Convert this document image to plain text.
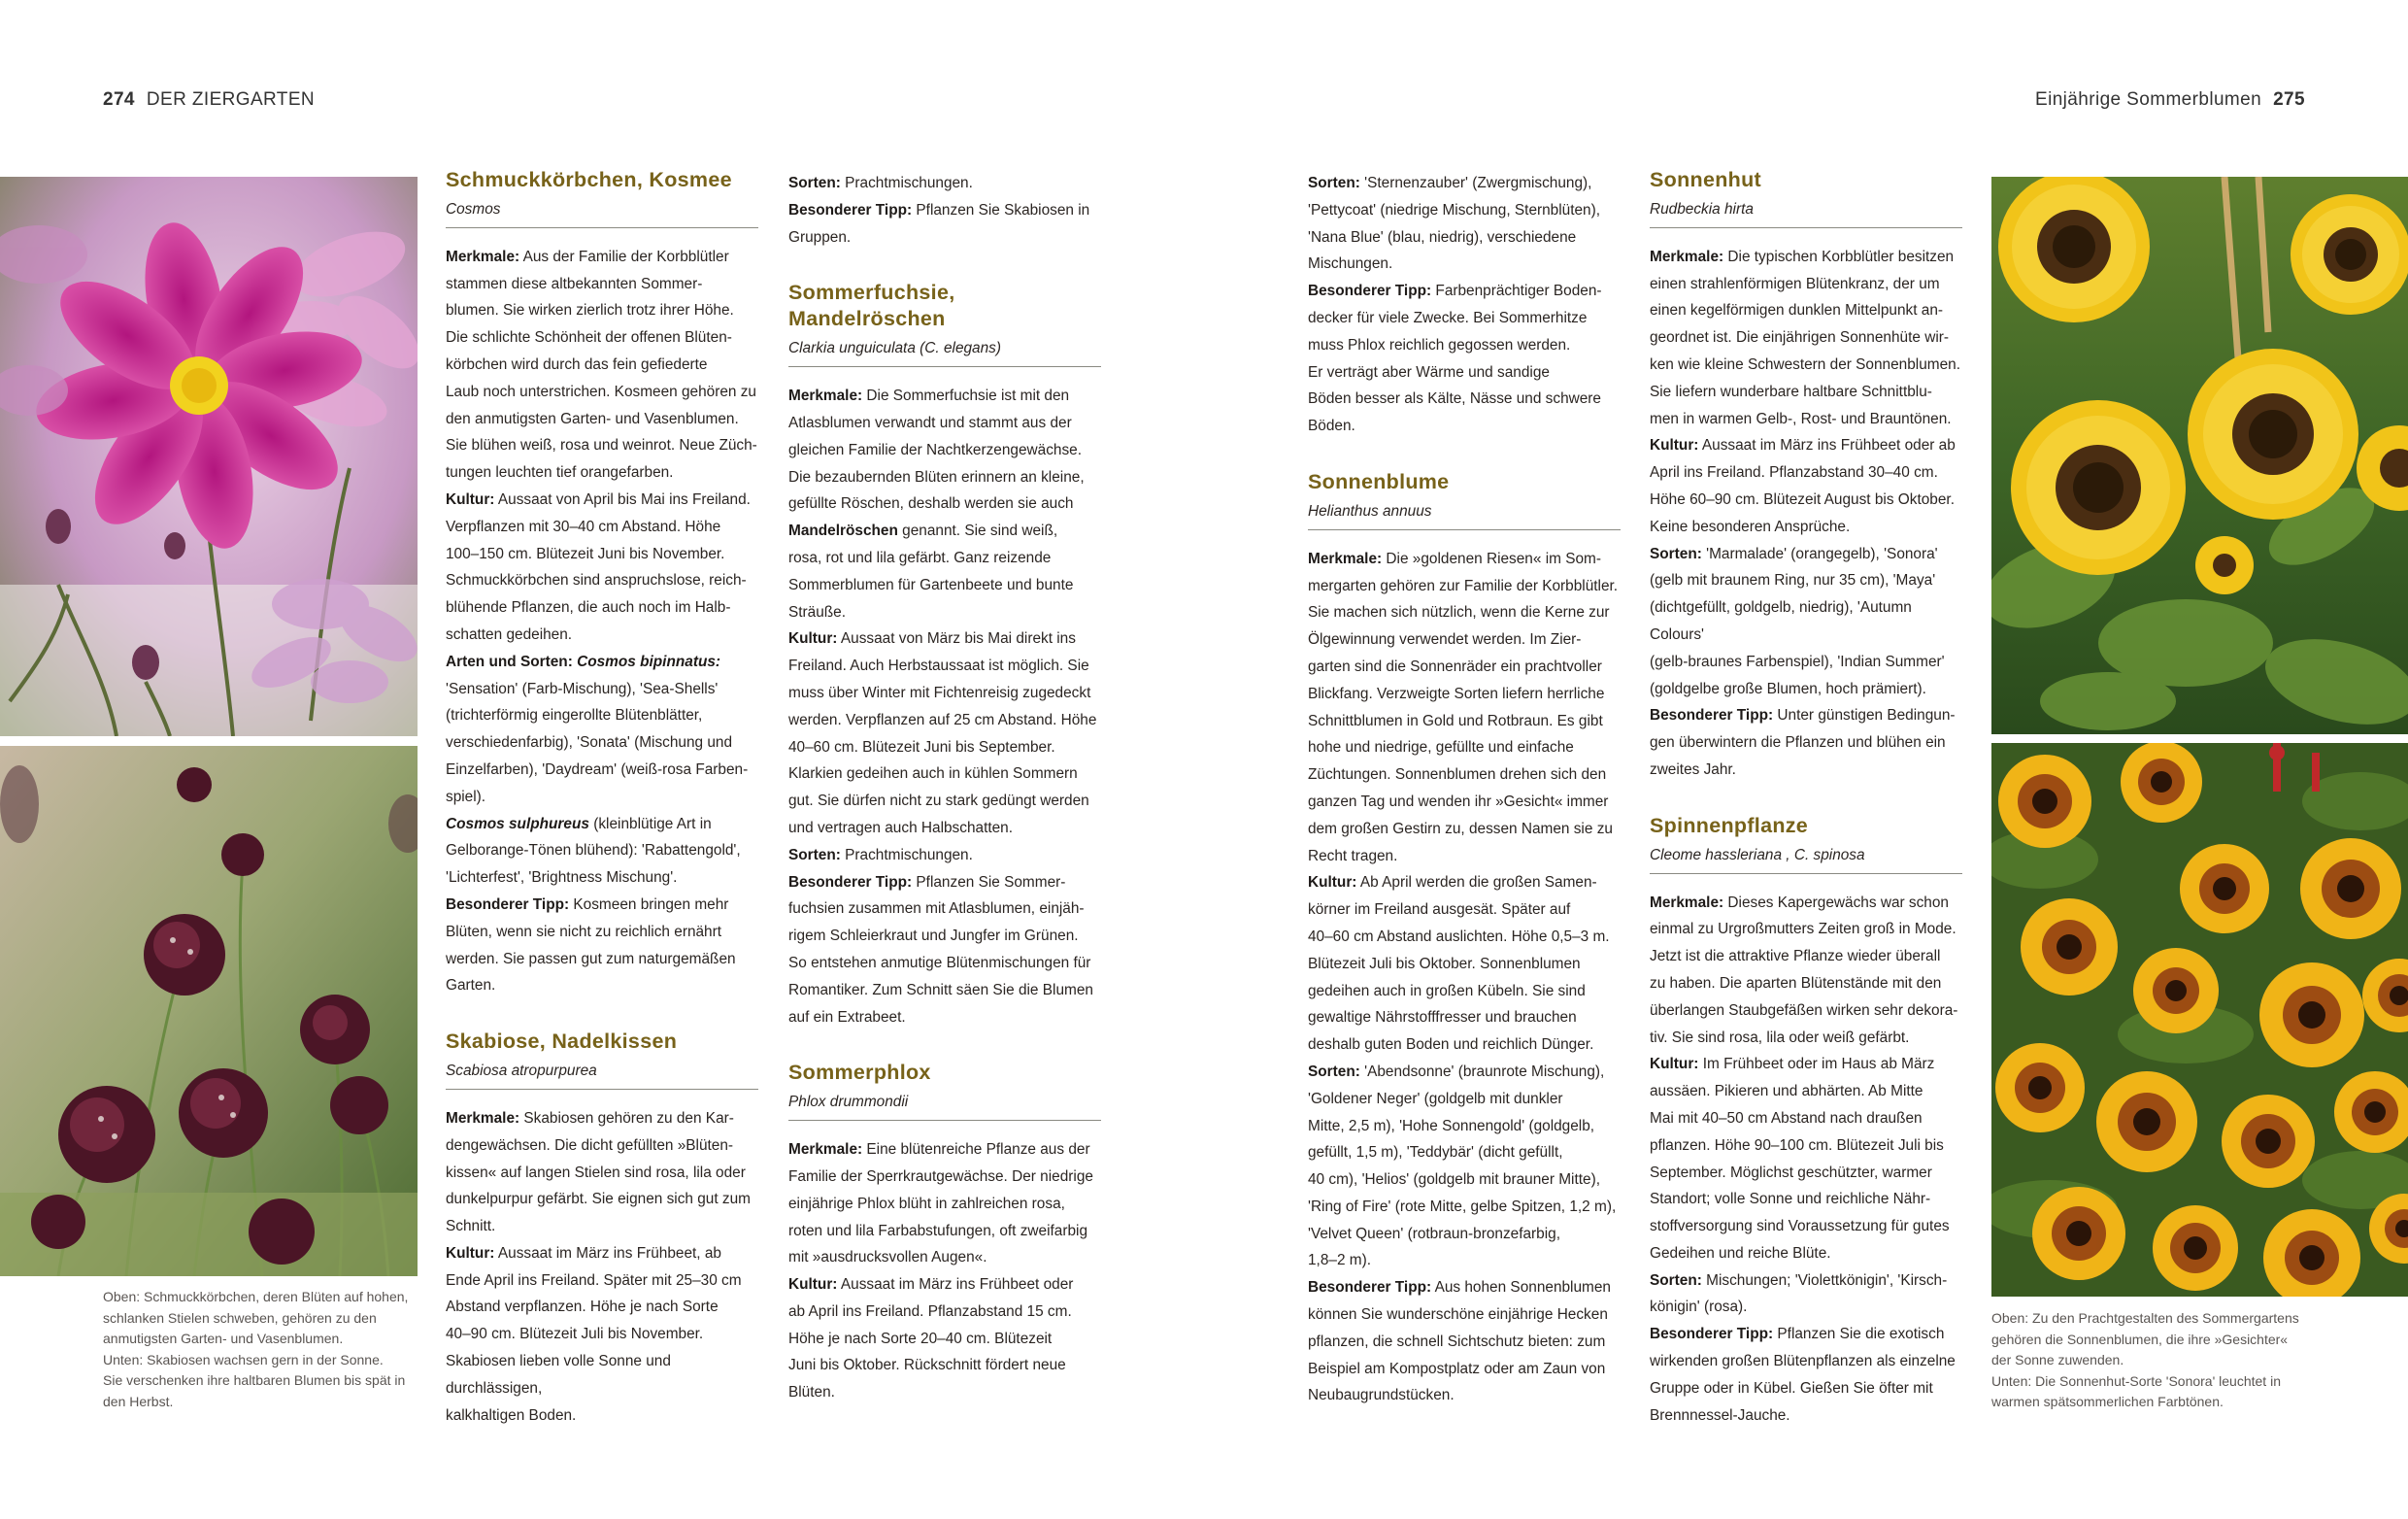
274 DER ZIERGARTEN	Einjährige Sommerblumen 275

Oben: Schmuckkörbchen, deren Blüten auf hohen,

schlanken Stielen schweben, gehören zu den

anmutigsten Garten- und Vasenblumen.

Unten: Skabiosen wachsen gern in der Sonne.

Sie verschenken ihre haltbaren Blumen bis spät in

den Herbst.

Schmuckkörbchen, Kosmee

Cosmos

Merkmale: Aus der Familie der Korbblütler

stammen diese altbekannten Sommer-

blumen. Sie wirken zierlich trotz ihrer Höhe.

Die schlichte Schönheit der offenen Blüten-

körbchen wird durch das fein gefiederte

Laub noch unterstrichen. Kosmeen gehören zu

den anmutigsten Garten- und Vasenblumen.

Sie blühen weiß, rosa und weinrot. Neue Züch-

tungen leuchten tief orangefarben.

Kultur: Aussaat von April bis Mai ins Freiland.

Verpflanzen mit 30–40 cm Abstand. Höhe

100–150 cm. Blütezeit Juni bis November.

Schmuckkörbchen sind anspruchslose, reich-

blühende Pflanzen, die auch noch im Halb-

schatten gedeihen.

Arten und Sorten: Cosmos bipinnatus:

'Sensation' (Farb-Mischung), 'Sea-Shells'

(trichterförmig eingerollte Blütenblätter,

verschiedenfarbig), 'Sonata' (Mischung und

Einzelfarben), 'Daydream' (weiß-rosa Farben-

spiel).

Cosmos sulphureus (kleinblütige Art in

Gelborange-Tönen blühend): 'Rabattengold',

'Lichterfest', 'Brightness Mischung'.

Besonderer Tipp: Kosmeen bringen mehr

Blüten, wenn sie nicht zu reichlich ernährt

werden. Sie passen gut zum naturgemäßen

Garten.

Skabiose, Nadelkissen

Scabiosa atropurpurea

Merkmale: Skabiosen gehören zu den Kar-

dengewächsen. Die dicht gefüllten »Blüten-

kissen« auf langen Stielen sind rosa, lila oder

dunkelpurpur gefärbt. Sie eignen sich gut zum

Schnitt.

Kultur: Aussaat im März ins Frühbeet, ab

Ende April ins Freiland. Später mit 25–30 cm

Abstand verpflanzen. Höhe je nach Sorte

40–90 cm. Blütezeit Juli bis November.

Skabiosen lieben volle Sonne und durchlässigen,

kalkhaltigen Boden.

Sorten: Prachtmischungen.

Besonderer Tipp: Pflanzen Sie Skabiosen in

Gruppen.

Sommerfuchsie,
Mandelröschen

Clarkia unguiculata (C. elegans)

Merkmale: Die Sommerfuchsie ist mit den

Atlasblumen verwandt und stammt aus der

gleichen Familie der Nachtkerzengewächse.

Die bezaubernden Blüten erinnern an kleine,

gefüllte Röschen, deshalb werden sie auch

Mandelröschen genannt. Sie sind weiß,

rosa, rot und lila gefärbt. Ganz reizende

Sommerblumen für Gartenbeete und bunte

Sträuße.

Kultur: Aussaat von März bis Mai direkt ins

Freiland. Auch Herbstaussaat ist möglich. Sie

muss über Winter mit Fichtenreisig zugedeckt

werden. Verpflanzen auf 25 cm Abstand. Höhe

40–60 cm. Blütezeit Juni bis September.

Klarkien gedeihen auch in kühlen Sommern

gut. Sie dürfen nicht zu stark gedüngt werden

und vertragen auch Halbschatten.

Sorten: Prachtmischungen.

Besonderer Tipp: Pflanzen Sie Sommer-

fuchsien zusammen mit Atlasblumen, einjäh-

rigem Schleierkraut und Jungfer im Grünen.

So entstehen anmutige Blütenmischungen für

Romantiker. Zum Schnitt säen Sie die Blumen

auf ein Extrabeet.

Sommerphlox

Phlox drummondii

Merkmale: Eine blütenreiche Pflanze aus der

Familie der Sperrkrautgewächse. Der niedrige

einjährige Phlox blüht in zahlreichen rosa,

roten und lila Farbabstufungen, oft zweifarbig

mit »ausdrucksvollen Augen«.

Kultur: Aussaat im März ins Frühbeet oder

ab April ins Freiland. Pflanzabstand 15 cm.

Höhe je nach Sorte 20–40 cm. Blütezeit

Juni bis Oktober. Rückschnitt fördert neue

Blüten.

Sorten: 'Sternenzauber' (Zwergmischung),

'Pettycoat' (niedrige Mischung, Sternblüten),

'Nana Blue' (blau, niedrig), verschiedene

Mischungen.

Besonderer Tipp: Farbenprächtiger Boden-

decker für viele Zwecke. Bei Sommerhitze

muss Phlox reichlich gegossen werden.

Er verträgt aber Wärme und sandige

Böden besser als Kälte, Nässe und schwere

Böden.

Sonnenblume

Helianthus annuus

Merkmale: Die »goldenen Riesen« im Som-

mergarten gehören zur Familie der Korbblütler.

Sie machen sich nützlich, wenn die Kerne zur

Ölgewinnung verwendet werden. Im Zier-

garten sind die Sonnenräder ein prachtvoller

Blickfang. Verzweigte Sorten liefern herrliche

Schnittblumen in Gold und Rotbraun. Es gibt

hohe und niedrige, gefüllte und einfache

Züchtungen. Sonnenblumen drehen sich den

ganzen Tag und wenden ihr »Gesicht« immer

dem großen Gestirn zu, dessen Namen sie zu

Recht tragen.

Kultur: Ab April werden die großen Samen-

körner im Freiland ausgesät. Später auf

40–60 cm Abstand auslichten. Höhe 0,5–3 m.

Blütezeit Juli bis Oktober. Sonnenblumen

gedeihen auch in großen Kübeln. Sie sind

gewaltige Nährstofffresser und brauchen

deshalb guten Boden und reichlich Dünger.

Sorten: 'Abendsonne' (braunrote Mischung),

'Goldener Neger' (goldgelb mit dunkler

Mitte, 2,5 m), 'Hohe Sonnengold' (goldgelb,

gefüllt, 1,5 m), 'Teddybär' (dicht gefüllt,

40 cm), 'Helios' (goldgelb mit brauner Mitte),

'Ring of Fire' (rote Mitte, gelbe Spitzen, 1,2 m),

'Velvet Queen' (rotbraun-bronzefarbig,

1,8–2 m).

Besonderer Tipp: Aus hohen Sonnenblumen

können Sie wunderschöne einjährige Hecken

pflanzen, die schnell Sichtschutz bieten: zum

Beispiel am Kompostplatz oder am Zaun von

Neubaugrundstücken.

Sonnenhut

Rudbeckia hirta

Merkmale: Die typischen Korbblütler besitzen

einen strahlenförmigen Blütenkranz, der um

einen kegelförmigen dunklen Mittelpunkt an-

geordnet ist. Die einjährigen Sonnenhüte wir-

ken wie kleine Schwestern der Sonnenblumen.

Sie liefern wunderbare haltbare Schnittblu-

men in warmen Gelb-, Rost- und Brauntönen.

Kultur: Aussaat im März ins Frühbeet oder ab

April ins Freiland. Pflanzabstand 30–40 cm.

Höhe 60–90 cm. Blütezeit August bis Oktober.

Keine besonderen Ansprüche.

Sorten: 'Marmalade' (orangegelb), 'Sonora'

(gelb mit braunem Ring, nur 35 cm), 'Maya'

(dichtgefüllt, goldgelb, niedrig), 'Autumn Colours'

(gelb-braunes Farbenspiel), 'Indian Summer'

(goldgelbe große Blumen, hoch prämiert).

Besonderer Tipp: Unter günstigen Bedingun-

gen überwintern die Pflanzen und blühen ein

zweites Jahr.

Spinnenpflanze

Cleome hassleriana , C. spinosa

Merkmale: Dieses Kapergewächs war schon

einmal zu Urgroßmutters Zeiten groß in Mode.

Jetzt ist die attraktive Pflanze wieder überall

zu haben. Die aparten Blütenstände mit den

überlangen Staubgefäßen wirken sehr dekora-

tiv. Sie sind rosa, lila oder weiß gefärbt.

Kultur: Im Frühbeet oder im Haus ab März

aussäen. Pikieren und abhärten. Ab Mitte

Mai mit 40–50 cm Abstand nach draußen

pflanzen. Höhe 90–100 cm. Blütezeit Juli bis

September. Möglichst geschützter, warmer

Standort; volle Sonne und reichliche Nähr-

stoffversorgung sind Voraussetzung für gutes

Gedeihen und reiche Blüte.

Sorten: Mischungen; 'Violettkönigin', 'Kirsch-

königin' (rosa).

Besonderer Tipp: Pflanzen Sie die exotisch

wirkenden großen Blütenpflanzen als einzelne

Gruppe oder in Kübel. Gießen Sie öfter mit

Brennnessel-Jauche.

Oben: Zu den Prachtgestalten des Sommergartens

gehören die Sonnenblumen, die ihre »Gesichter«

der Sonne zuwenden.

Unten: Die Sonnenhut-Sorte 'Sonora' leuchtet in

warmen spätsommerlichen Farbtönen.
